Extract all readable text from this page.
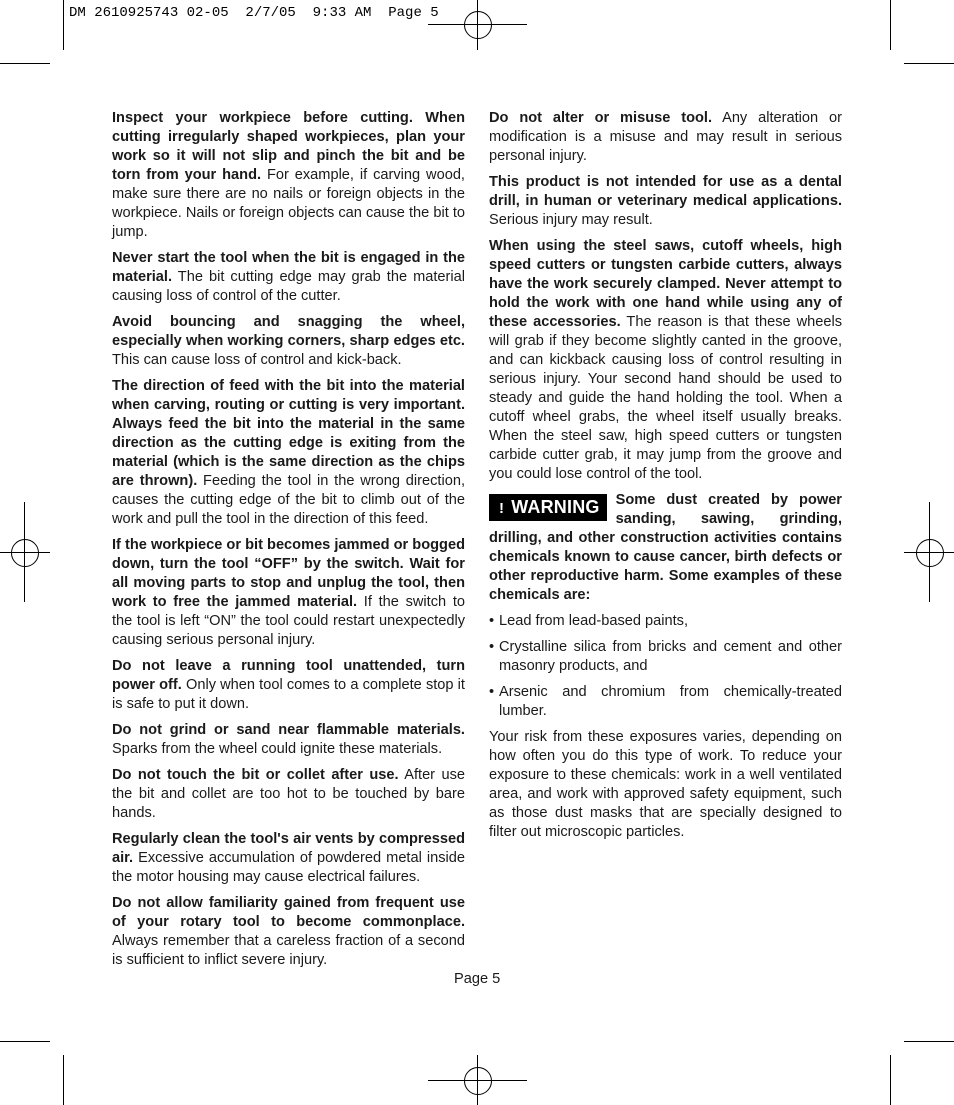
DM 2610925743 02-05  2/7/05  9:33 AM  Page 5

Inspect your workpiece before cutting. When cutting irregularly shaped workpieces, plan your work so it will not slip and pinch the bit and be torn from your hand. For example, if carving wood, make sure there are no nails or foreign objects in the workpiece. Nails or foreign objects can cause the bit to jump.

Never start the tool when the bit is engaged in the material. The bit cutting edge may grab the material causing loss of control of the cutter.

Avoid bouncing and snagging the wheel, especially when working corners, sharp edges etc. This can cause loss of control and kick-back.

The direction of feed with the bit into the material when carving, routing or cutting is very important. Always feed the bit into the material in the same direction as the cutting edge is exiting from the material (which is the same direction as the chips are thrown). Feeding the tool in the wrong direction, causes the cutting edge of the bit to climb out of the work and pull the tool in the direction of this feed.

If the workpiece or bit becomes jammed or bogged down, turn the tool “OFF” by the switch. Wait for all moving parts to stop and unplug the tool, then work to free the jammed material. If the switch to the tool is left “ON” the tool could restart unexpectedly causing serious personal injury.

Do not leave a running tool unattended, turn power off. Only when tool comes to a complete stop it is safe to put it down.

Do not grind or sand near flammable materials. Sparks from the wheel could ignite these materials.

Do not touch the bit or collet after use. After use the bit and collet are too hot to be touched by bare hands.

Regularly clean the tool's air vents by compressed air. Excessive accumulation of powdered metal inside the motor housing may cause electrical failures.

Do not allow familiarity gained from frequent use of your rotary tool to become commonplace. Always remember that a careless fraction of a second is sufficient to inflict severe injury.

Do not alter or misuse tool. Any alteration or modification is a misuse and may result in serious personal injury.

This product is not intended for use as a dental drill, in human or veterinary medical applications. Serious injury may result.

When using the steel saws, cutoff wheels, high speed cutters or tungsten carbide cutters, always have the work securely clamped. Never attempt to hold the work with one hand while using any of these accessories. The reason is that these wheels will grab if they become slightly canted in the groove, and can kickback causing loss of control resulting in serious injury. Your second hand should be used to steady and guide the hand holding the tool. When a cutoff wheel grabs, the wheel itself usually breaks. When the steel saw, high speed cutters or tungsten carbide cutter grab, it may jump from the groove and you could lose control of the tool.

! WARNING	Some dust created by power sanding, sawing, grinding, drilling, and other construction activities contains chemicals known to cause cancer, birth defects or other reproductive harm. Some examples of these chemicals are:
• Lead from lead-based paints,
• Crystalline silica from bricks and cement and other masonry products, and
• Arsenic and chromium from chemically-treated lumber.

Your risk from these exposures varies, depending on how often you do this type of work. To reduce your exposure to these chemicals: work in a well ventilated area, and work with approved safety equipment, such as those dust masks that are specially designed to filter out microscopic particles.

Page 5
